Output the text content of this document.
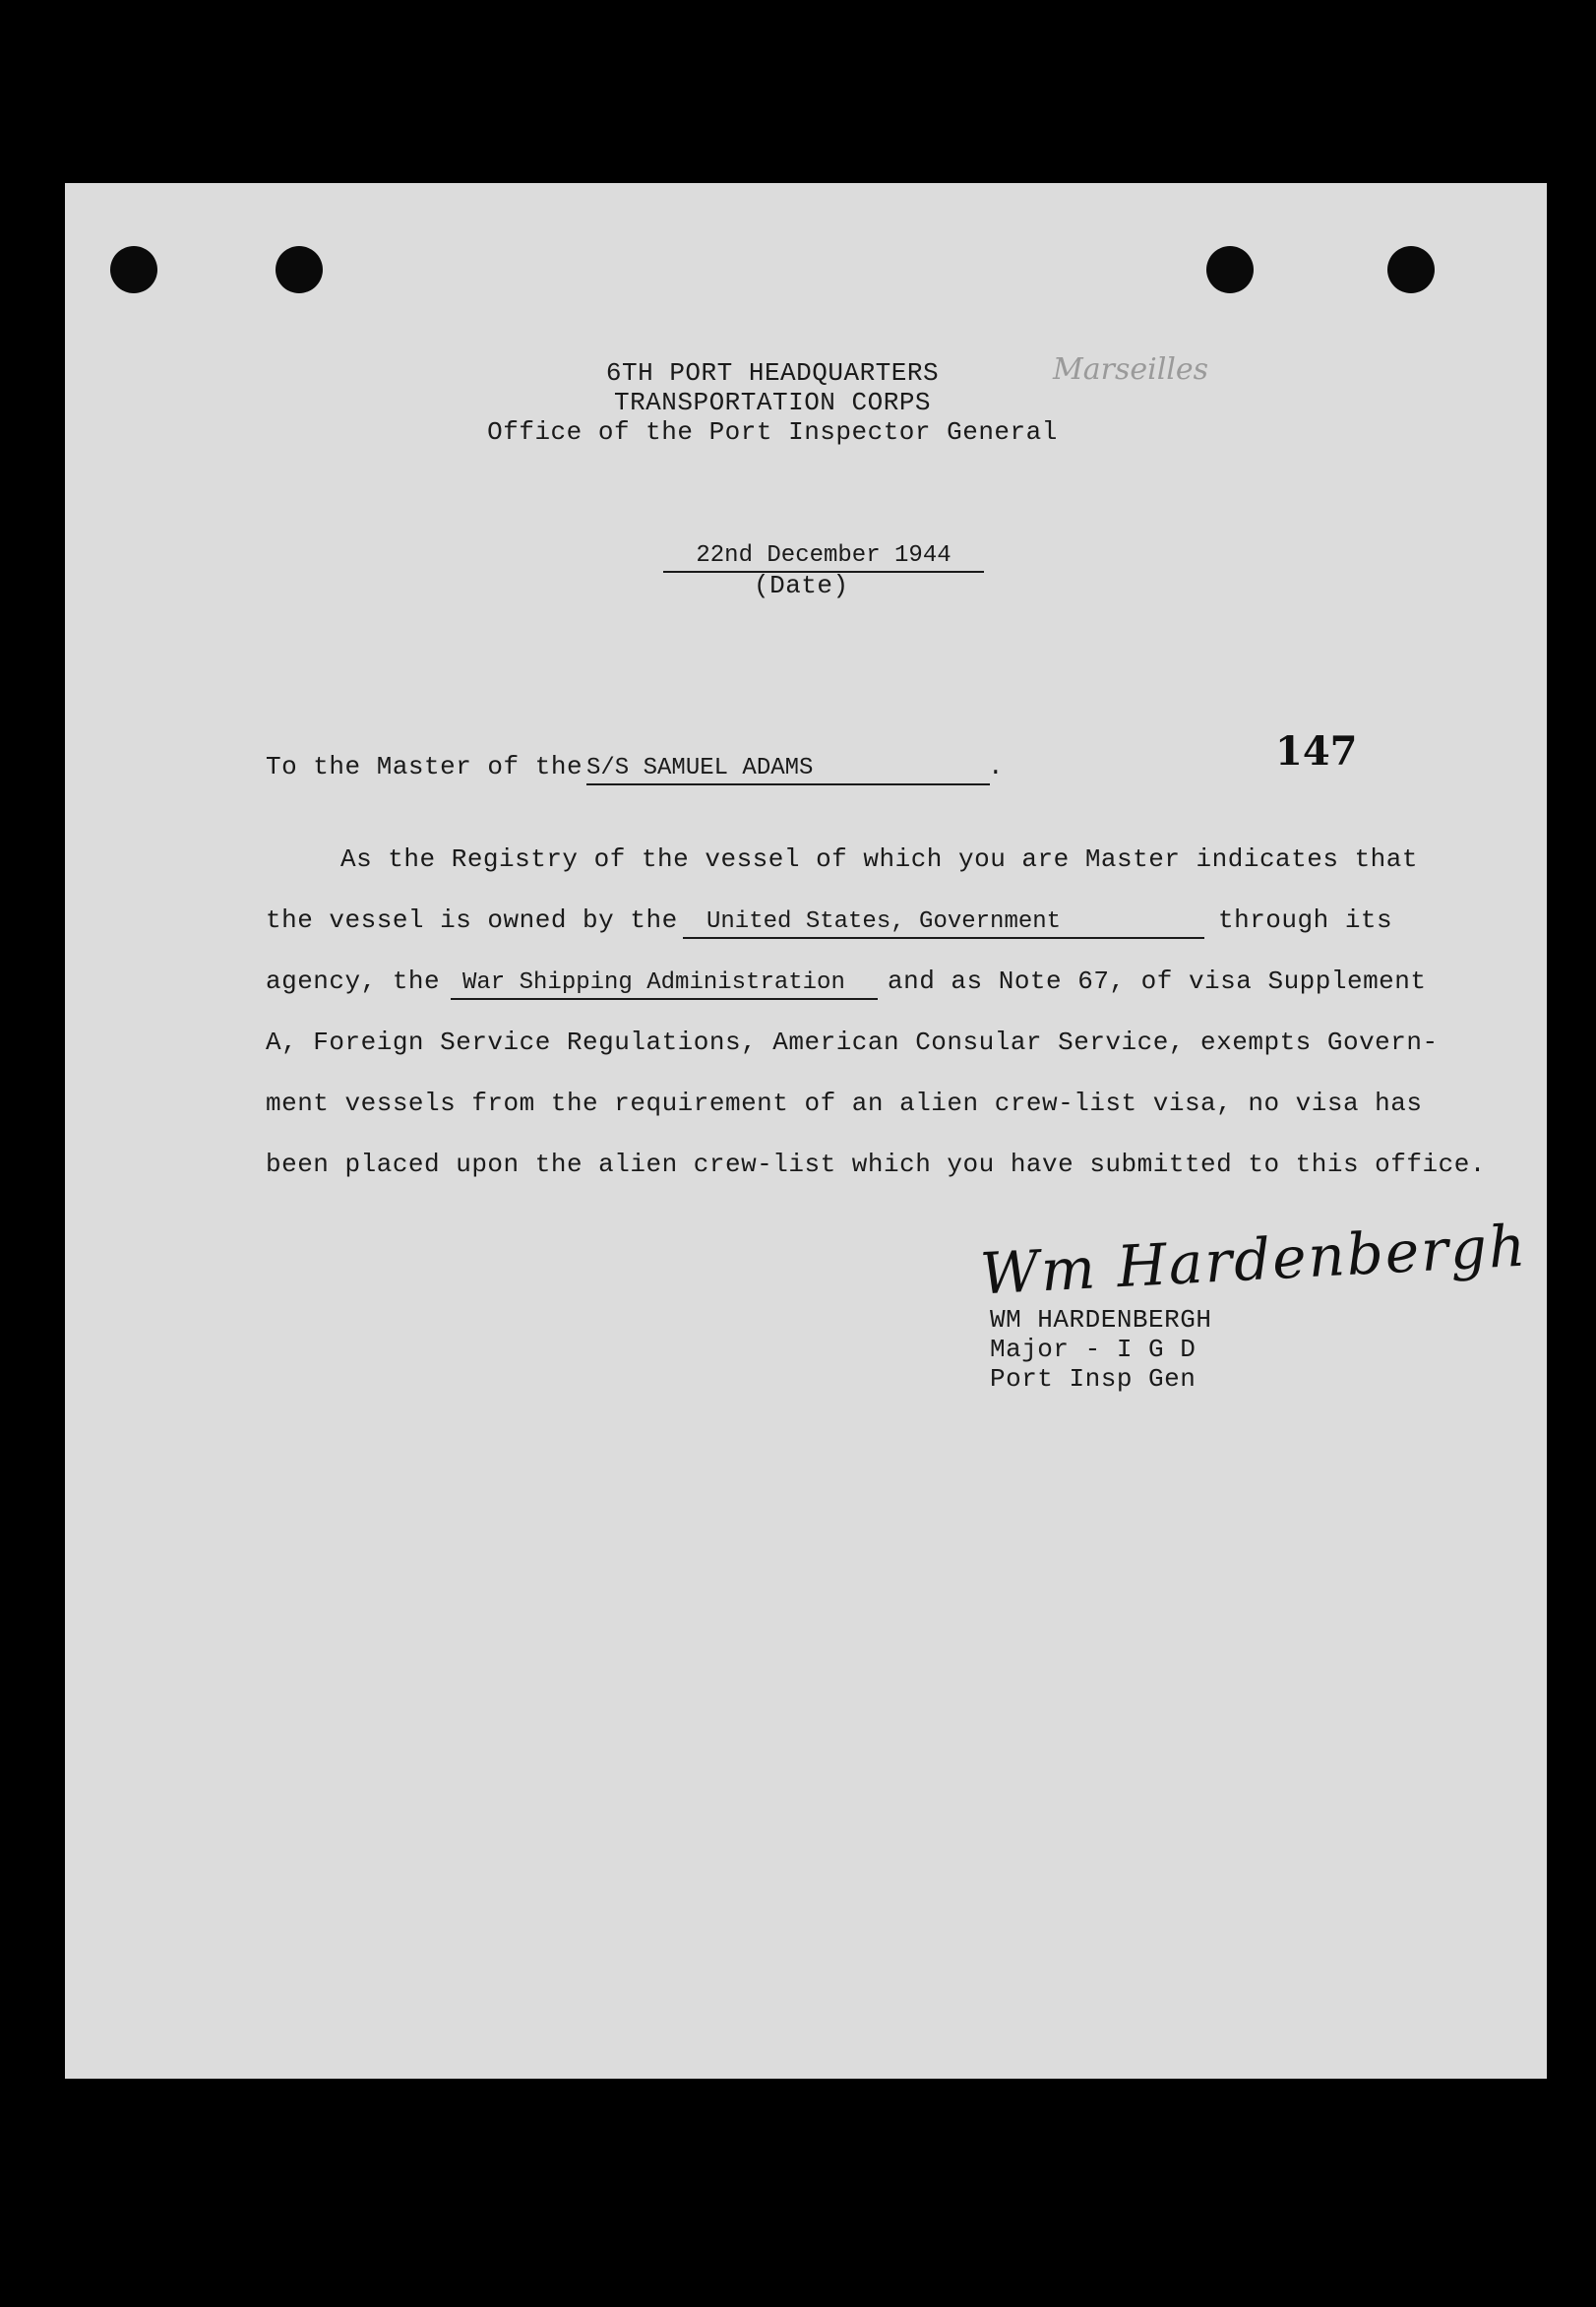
6TH PORT HEADQUARTERS
TRANSPORTATION CORPS
Office of the Port Inspector General
Marseilles
22nd December 1944
(Date)
147
To the Master of the S/S SAMUEL ADAMS	.
As the Registry of the vessel of which you are Master indicates that
the vessel is owned by the	United States, Government	through its
agency, the War Shipping Administration	and as Note 67, of visa Supplement
A, Foreign Service Regulations, American Consular Service, exempts Govern-
ment vessels from the requirement of an alien crew-list visa, no visa has
been placed upon the alien crew-list which you have submitted to this office.
Wm Hardenbergh
WM HARDENBERGH
Major - I G D
Port Insp Gen
